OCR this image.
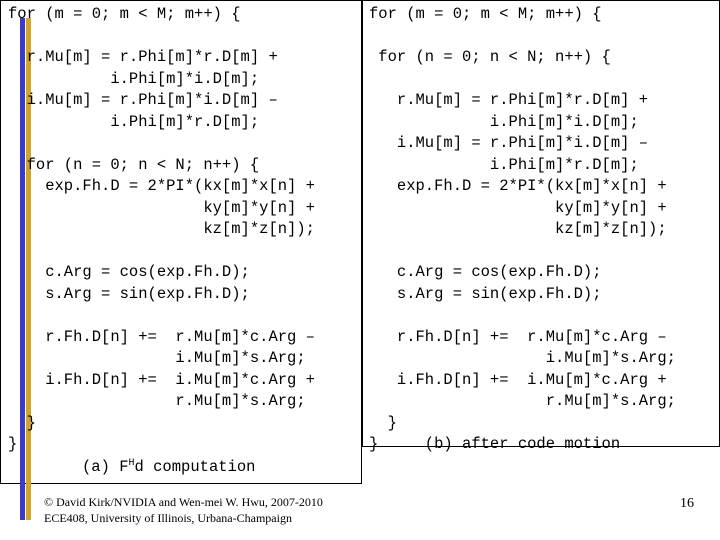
for (m = 0; m < M; m++) {

r.Mu[m] = r.Phi[m]*r.D[m] +
i.Phi[m]*i.D[m];
i.Mu[m] = r.Phi[m]*i.D[m] –
i.Phi[m]*r.D[m];

for (n = 0; n < N; n++) {
exp.Fh.D = 2*PI*(kx[m]*x[n] +
ky[m]*y[n] +
kz[m]*z[n]);

c.Arg = cos(exp.Fh.D);
s.Arg = sin(exp.Fh.D);

r.Fh.D[n] +=  r.Mu[m]*c.Arg –
i.Mu[m]*s.Arg;
i.Fh.D[n] +=  i.Mu[m]*c.Arg +
r.Mu[m]*s.Arg;
}
}
for (m = 0; m < M; m++) {

for (n = 0; n < N; n++) {

r.Mu[m] = r.Phi[m]*r.D[m] +
i.Phi[m]*i.D[m];
i.Mu[m] = r.Phi[m]*i.D[m] –
i.Phi[m]*r.D[m];
exp.Fh.D = 2*PI*(kx[m]*x[n] +
ky[m]*y[n] +
kz[m]*z[n]);

c.Arg = cos(exp.Fh.D);
s.Arg = sin(exp.Fh.D);

r.Fh.D[n] +=  r.Mu[m]*c.Arg –
i.Mu[m]*s.Arg;
i.Fh.D[n] +=  i.Mu[m]*c.Arg +
r.Mu[m]*s.Arg;
}
}     (b) after code motion
(a) $F^Hd$ computation
© David Kirk/NVIDIA and Wen-mei W. Hwu, 2007-2010
ECE408, University of Illinois, Urbana-Champaign
16
